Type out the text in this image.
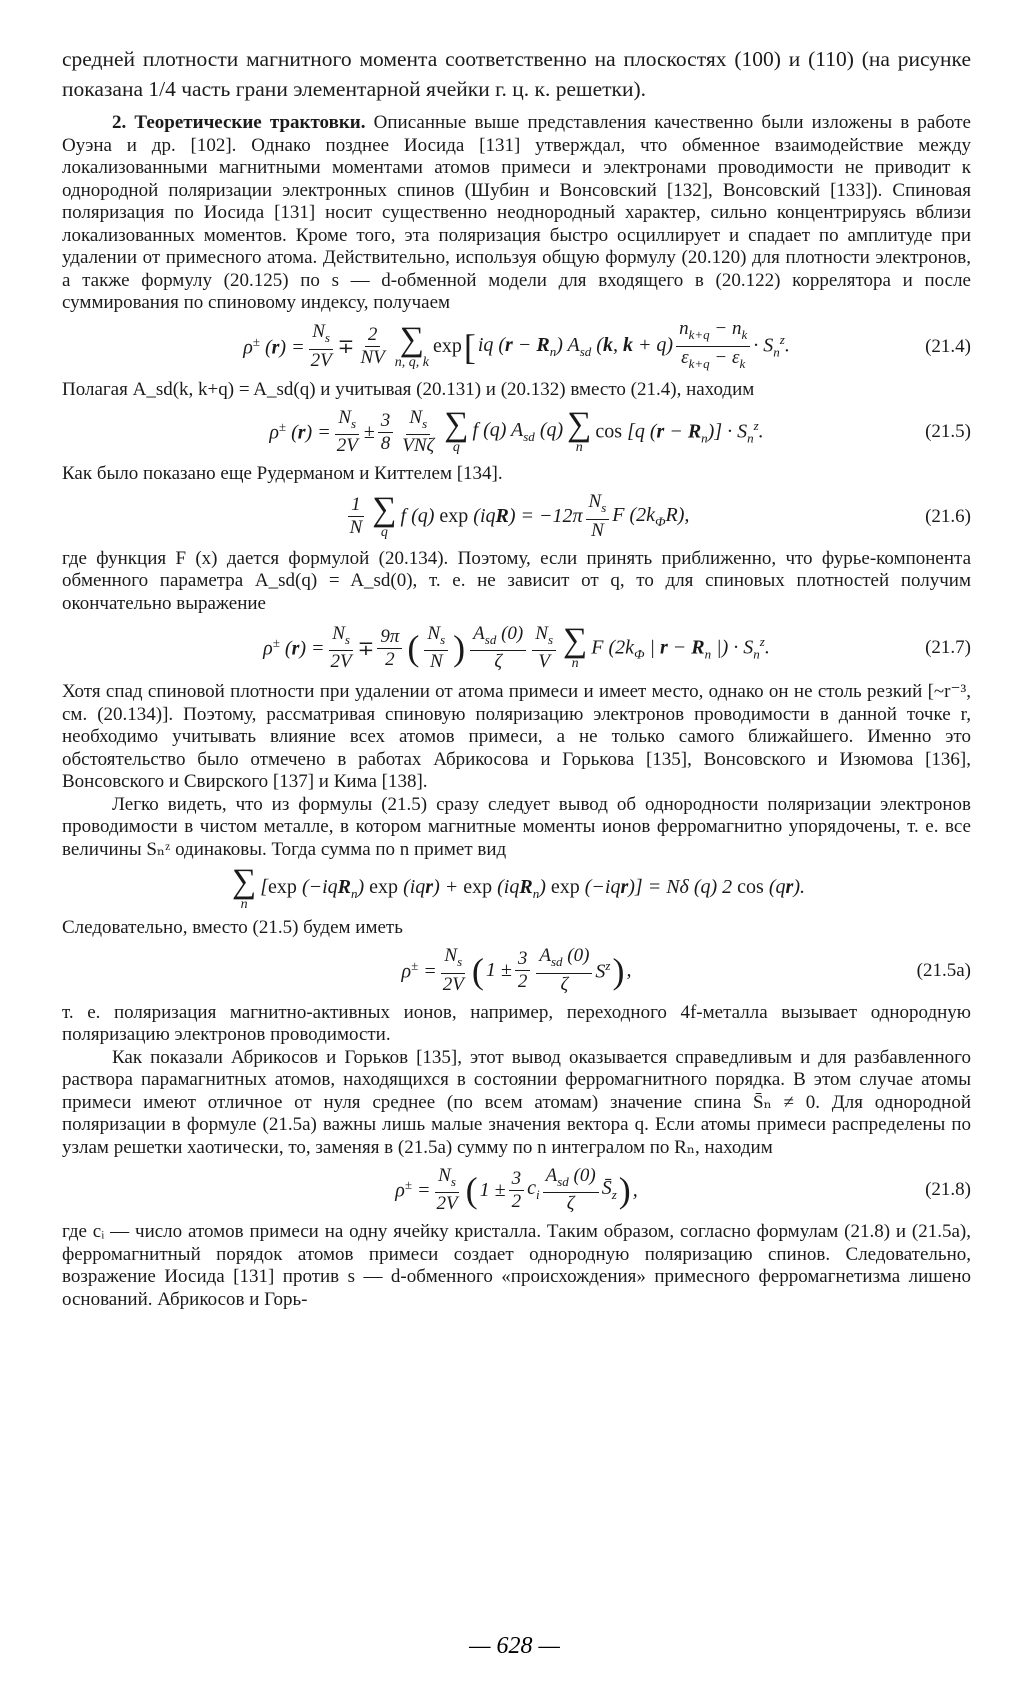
средней плотности магнитного момента соответственно на плоскостях (100) и (110) (на рисунке показана 1/4 часть грани элементарной ячейки г. ц. к. решетки).

2. Теоретические трактовки. Описанные выше представления качественно были изложены в работе Оуэна и др. [102]. Однако позднее Иосида [131] утверждал, что обменное взаимодействие между локализованными магнитными моментами атомов примеси и электронами проводимости не приводит к однородной поляризации электронных спинов (Шубин и Вонсовский [132], Вонсовский [133]). Спиновая поляризация по Иосида [131] носит существенно неоднородный характер, сильно концентрируясь вблизи локализованных моментов. Кроме того, эта поляризация быстро осциллирует и спадает по амплитуде при удалении от примесного атома. Действительно, используя общую формулу (20.120) для плотности электронов, а также формулу (20.125) по s — d-обменной модели для входящего в (20.122) коррелятора и после суммирования по спиновому индексу, получаем

ρ± $(r) = \frac{N_s}{2V} \mp \frac{2}{NV}$ ∑
n, q, k
exp [ iq $(r - R_n)$ $A_{sd}$ (k, $k + q) \frac{n_{k+q} - n_k}{\varepsilon_{k+q} - \varepsilon_k} \cdot S_n^z$.	(21.4)

Полагая A_sd(k, k+q) = A_sd(q) и учитывая (20.131) и (20.132) вместо (21.4), находим

ρ± $(r) = \frac{N_s}{2V} \pm \frac{3}{8} \frac{N_s}{\text{VNζ}}$ ∑
q
f (q) $A_{sd}$ (q) ∑
n
cos [q $(r - R_n)] \cdot S_n^z$.	(21.5)

Как было показано еще Рудерманом и Киттелем [134].

$\frac{1}{N}$ ∑
q
f (q) $\exp (iqR) = -12\pi \frac{N_s}{N}$ F $(2k_ФR)$,	(21.6)

где функция F (x) дается формулой (20.134). Поэтому, если принять приближенно, что фурье-компонента обменного параметра A_sd(q) = A_sd(0), т. е. не зависит от q, то для спиновых плотностей получим окончательно выражение

ρ± $(r) = \frac{N_s}{2V} \mp \frac{9\pi}{2}$ ( $\frac{N_s}{N}$ ) $\frac{A_{sd} (0)}{\zeta} \frac{N_s}{V}$ ∑
n
F ($2k_Ф$ | $r - R_n$ |) · $S_n^z$.	(21.7)

Хотя спад спиновой плотности при удалении от атома примеси и имеет место, однако он не столь резкий [~r⁻³, см. (20.134)]. Поэтому, рассматривая спиновую поляризацию электронов проводимости в данной точке r, необходимо учитывать влияние всех атомов примеси, а не только самого ближайшего. Именно это обстоятельство было отмечено в работах Абрикосова и Горькова [135], Вонсовского и Изюмова [136], Вонсовского и Свирского [137] и Кима [138].

Легко видеть, что из формулы (21.5) сразу следует вывод об однородности поляризации электронов проводимости в чистом металле, в котором магнитные моменты ионов ферромагнитно упорядочены, т. е. все величины Sₙᶻ одинаковы. Тогда сумма по n примет вид

∑
n
[exp (−iqR$_n$) exp (iqr) + exp (iqR$_n$) exp (−iqr)] = Nδ (q) 2 cos (qr).

Следовательно, вместо (21.5) будем иметь

$\rho^\pm = \frac{N_s}{2V}$ ( $1 \pm \frac{3}{2} \frac{A_{sd} (0)}{\zeta} S^z$ ) ,	(21.5a)

т. е. поляризация магнитно-активных ионов, например, переходного 4f-металла вызывает однородную поляризацию электронов проводимости.

Как показали Абрикосов и Горьков [135], этот вывод оказывается справедливым и для разбавленного раствора парамагнитных атомов, находящихся в состоянии ферромагнитного порядка. В этом случае атомы примеси имеют отличное от нуля среднее (по всем атомам) значение спина S̄ₙ ≠ 0. Для однородной поляризации в формуле (21.5а) важны лишь малые значения вектора q. Если атомы примеси распределены по узлам решетки хаотически, то, заменяя в (21.5а) сумму по n интегралом по Rₙ, находим

$\rho^\pm = \frac{N_s}{2V}$ ( $1 \pm \frac{3}{2} c_i \frac{A_{sd} (0)}{\zeta}$ $S̄_z$ ) ,	(21.8)

где cᵢ — число атомов примеси на одну ячейку кристалла. Таким образом, согласно формулам (21.8) и (21.5а), ферромагнитный порядок атомов примеси создает однородную поляризацию спинов. Следовательно, возражение Иосида [131] против s — d-обменного «происхождения» примесного ферромагнетизма лишено оснований. Абрикосов и Горь-

— 628 —
